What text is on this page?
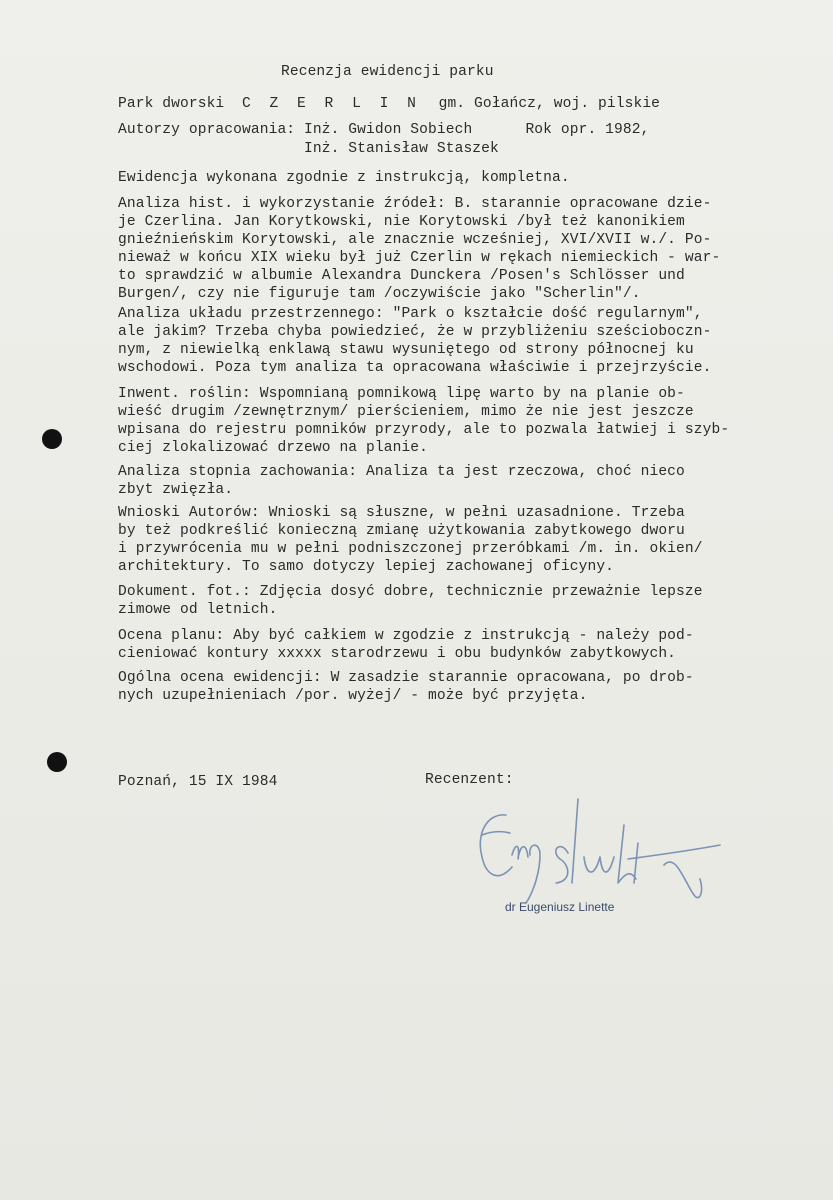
Recenzja ewidencji parku
Park dworski C Z E R L I N gm. Gołańcz, woj. pilskie
Autorzy opracowania: Inż. Gwidon Sobiech      Rok opr. 1982,
Inż. Stanisław Staszek
Ewidencja wykonana zgodnie z instrukcją, kompletna.
Analiza hist. i wykorzystanie źródeł: B. starannie opracowane dzie-
je Czerlina. Jan Korytkowski, nie Korytowski /był też kanonikiem
gnieźnieńskim Korytowski, ale znacznie wcześniej, XVI/XVII w./. Po-
nieważ w końcu XIX wieku był już Czerlin w rękach niemieckich - war-
to sprawdzić w albumie Alexandra Dunckera /Posen's Schlösser und
Burgen/, czy nie figuruje tam /oczywiście jako "Scherlin"/.
Analiza układu przestrzennego: "Park o kształcie dość regularnym",
ale jakim? Trzeba chyba powiedzieć, że w przybliżeniu sześcioboczn-
nym, z niewielką enklawą stawu wysuniętego od strony północnej ku
wschodowi. Poza tym analiza ta opracowana właściwie i przejrzyście.
Inwent. roślin: Wspomnianą pomnikową lipę warto by na planie ob-
wieść drugim /zewnętrznym/ pierścieniem, mimo że nie jest jeszcze
wpisana do rejestru pomników przyrody, ale to pozwala łatwiej i szyb-
ciej zlokalizować drzewo na planie.
Analiza stopnia zachowania: Analiza ta jest rzeczowa, choć nieco
zbyt zwięzła.
Wnioski Autorów: Wnioski są słuszne, w pełni uzasadnione. Trzeba
by też podkreślić konieczną zmianę użytkowania zabytkowego dworu
i przywrócenia mu w pełni podniszczonej przeróbkami /m. in. okien/
architektury. To samo dotyczy lepiej zachowanej oficyny.
Dokument. fot.: Zdjęcia dosyć dobre, technicznie przeważnie lepsze
zimowe od letnich.
Ocena planu: Aby być całkiem w zgodzie z instrukcją - należy pod-
cieniować kontury xxxxx starodrzewu i obu budynków zabytkowych.
Ogólna ocena ewidencji: W zasadzie starannie opracowana, po drob-
nych uzupełnieniach /por. wyżej/ - może być przyjęta.
Poznań, 15 IX 1984	Recenzent:
dr Eugeniusz Linette
